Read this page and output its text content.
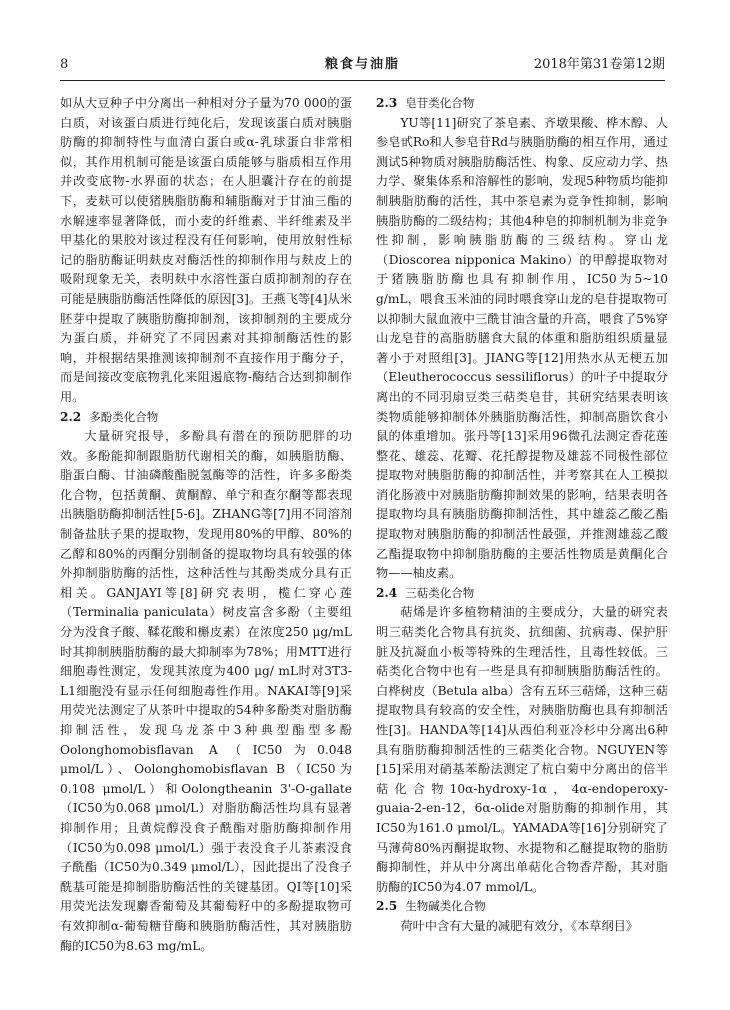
8	粮食与油脂	2018年第31卷第12期

如从大豆种子中分离出一种相对分子量为70 000的蛋白质，对该蛋白质进行纯化后，发现该蛋白质对胰脂肪酶的抑制特性与血清白蛋白或α-乳球蛋白非常相似，其作用机制可能是该蛋白质能够与脂质相互作用并改变底物-水界面的状态；在人胆囊汁存在的前提下，麦麸可以使猪胰脂肪酶和辅脂酶对于甘油三酯的水解速率显著降低，而小麦的纤维素、半纤维素及半甲基化的果胶对该过程没有任何影响，使用放射性标记的脂肪酶证明麸皮对酶活性的抑制作用与麸皮上的吸附现象无关，表明麸中水溶性蛋白质抑制剂的存在可能是胰脂肪酶活性降低的原因[3]。王燕飞等[4]从米胚芽中提取了胰脂肪酶抑制剂，该抑制剂的主要成分为蛋白质，并研究了不同因素对其抑制酶活性的影响，并根据结果推测该抑制剂不直接作用于酶分子，而是间接改变底物乳化来阻遏底物-酶结合达到抑制作用。

2.2 多酚类化合物

大量研究报导，多酚具有潜在的预防肥胖的功效。多酚能抑制跟脂肪代谢相关的酶，如胰脂肪酶、脂蛋白酶、甘油磷酸酯脱氢酶等的活性，许多多酚类化合物，包括黄酮、黄酮醇、单宁和查尔酮等都表现出胰脂肪酶抑制活性[5-6]。ZHANG等[7]用不同溶剂制备盐肤子果的提取物，发现用80%的甲醇、80%的乙醇和80%的丙酮分别制备的提取物均具有较强的体外抑制脂肪酶的活性，这种活性与其酚类成分具有正相关。GANJAYI等[8]研究表明，榄仁穿心莲（Terminalia paniculata）树皮富含多酚（主要组分为没食子酸、鞣花酸和槲皮素）在浓度250 μg/mL时其抑制胰脂肪酶的最大抑制率为78%；用MTT进行细胞毒性测定，发现其浓度为400 μg/ mL时对3T3-L1细胞没有显示任何细胞毒性作用。NAKAI等[9]采用荧光法测定了从茶叶中提取的54种多酚类对脂肪酶抑制活性，发现乌龙茶中3种典型酯型多酚Oolonghomobisflavan A（IC50为0.048 μmol/L）、Oolonghomobisflavan B（IC50为0.108 μmol/L）和Oolongtheanin 3'-O-gallate（IC50为0.068 μmol/L）对脂肪酶活性均具有显著抑制作用；且黄烷醇没食子酰酯对脂肪酶抑制作用（IC50为0.098 μmol/L）强于表没食子儿茶素没食子酰酯（IC50为0.349 μmol/L），因此提出了没食子酰基可能是抑制脂肪酶活性的关键基团。QI等[10]采用荧光法发现麝香葡萄及其葡萄籽中的多酚提取物可有效抑制α-葡萄糖苷酶和胰脂肪酶活性，其对胰脂肪酶的IC50为8.63 mg/mL。

2.3 皂苷类化合物

YU等[11]研究了茶皂素、齐墩果酸、桦木醇、人参皂甙Ro和人参皂苷Rd与胰脂肪酶的相互作用，通过测试5种物质对胰脂肪酶活性、构象、反应动力学、热力学、聚集体系和溶解性的影响，发现5种物质均能抑制胰脂肪酶的活性，其中茶皂素为竞争性抑制，影响胰脂肪酶的二级结构；其他4种皂的抑制机制为非竞争性抑制，影响胰脂肪酶的三级结构。穿山龙（Dioscorea nipponica Makino）的甲醇提取物对于猪胰脂肪酶也具有抑制作用，IC50为5~10 g/mL，喂食玉米油的同时喂食穿山龙的皂苷提取物可以抑制大鼠血液中三酰甘油含量的升高，喂食了5%穿山龙皂苷的高脂肪膳食大鼠的体重和脂肪组织质量显著小于对照组[3]。JIANG等[12]用热水从无梗五加（Eleutherococcus sessiliflorus）的叶子中提取分离出的不同羽扇豆类三萜类皂苷，其研究结果表明该类物质能够抑制体外胰脂肪酶活性，抑制高脂饮食小鼠的体重增加。张丹等[13]采用96微孔法测定香花莲整花、雄蕊、花瓣、花托醇提物及雄蕊不同极性部位提取物对胰脂肪酶的抑制活性，并考察其在人工模拟消化肠液中对胰脂肪酶抑制效果的影响，结果表明各提取物均具有胰脂肪酶抑制活性，其中雄蕊乙酸乙酯提取物对胰脂肪酶的抑制活性最强，并推测雄蕊乙酸乙酯提取物中抑制脂肪酶的主要活性物质是黄酮化合物——柚皮素。

2.4 三萜类化合物

萜烯是许多植物精油的主要成分，大量的研究表明三萜类化合物具有抗炎、抗细菌、抗病毒、保护肝脏及抗凝血小板等特殊的生理活性，且毒性较低。三萜类化合物中也有一些是具有抑制胰脂肪酶活性的。白桦树皮（Betula alba）含有五环三萜烯，这种三萜提取物具有较高的安全性，对胰脂肪酶也具有抑制活性[3]。HANDA等[14]从西伯利亚冷杉中分离出6种具有脂肪酶抑制活性的三萜类化合物。NGUYEN等[15]采用对硝基苯酚法测定了杭白菊中分离出的倍半萜化合物10α-hydroxy-1α，4α-endoperoxy-guaia-2-en-12，6α-olide对脂肪酶的抑制作用，其IC50为161.0 μmol/L。YAMADA等[16]分别研究了马薄荷80%丙酮提取物、水提物和乙醚提取物的脂肪酶抑制性，并从中分离出单萜化合物香芹酚，其对脂肪酶的IC50为4.07 mmol/L。

2.5 生物碱类化合物

荷叶中含有大量的减肥有效分，《本草纲目》
